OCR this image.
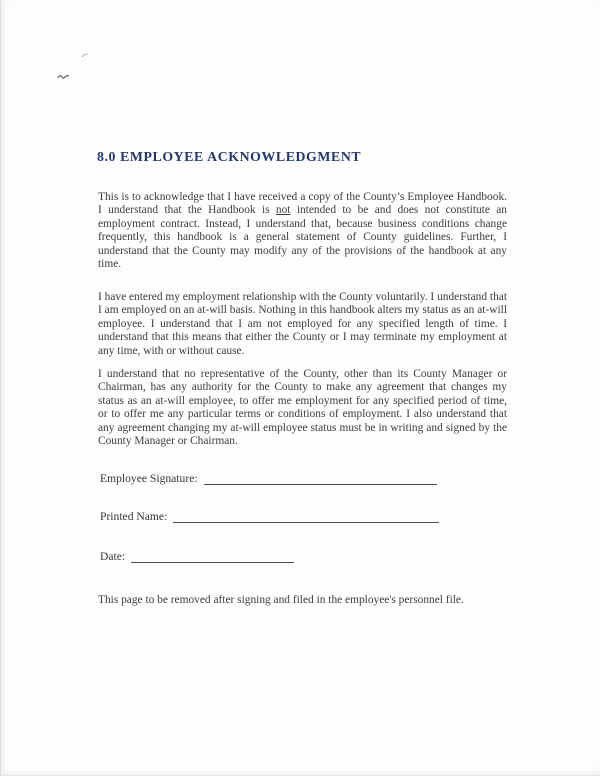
8.0 EMPLOYEE ACKNOWLEDGMENT

This is to acknowledge that I have received a copy of the County’s Employee Handbook. I understand that the Handbook is not intended to be and does not constitute an employment contract. Instead, I understand that, because business conditions change frequently, this handbook is a general statement of County guidelines. Further, I understand that the County may modify any of the provisions of the handbook at any time.

I have entered my employment relationship with the County voluntarily. I understand that I am employed on an at-will basis. Nothing in this handbook alters my status as an at-will employee. I understand that I am not employed for any specified length of time. I understand that this means that either the County or I may terminate my employment at any time, with or without cause.

I understand that no representative of the County, other than its County Manager or Chairman, has any authority for the County to make any agreement that changes my status as an at-will employee, to offer me employment for any specified period of time, or to offer me any particular terms or conditions of employment. I also understand that any agreement changing my at-will employee status must be in writing and signed by the County Manager or Chairman.

Employee Signature:
Printed Name:
Date:

This page to be removed after signing and filed in the employee's personnel file.
